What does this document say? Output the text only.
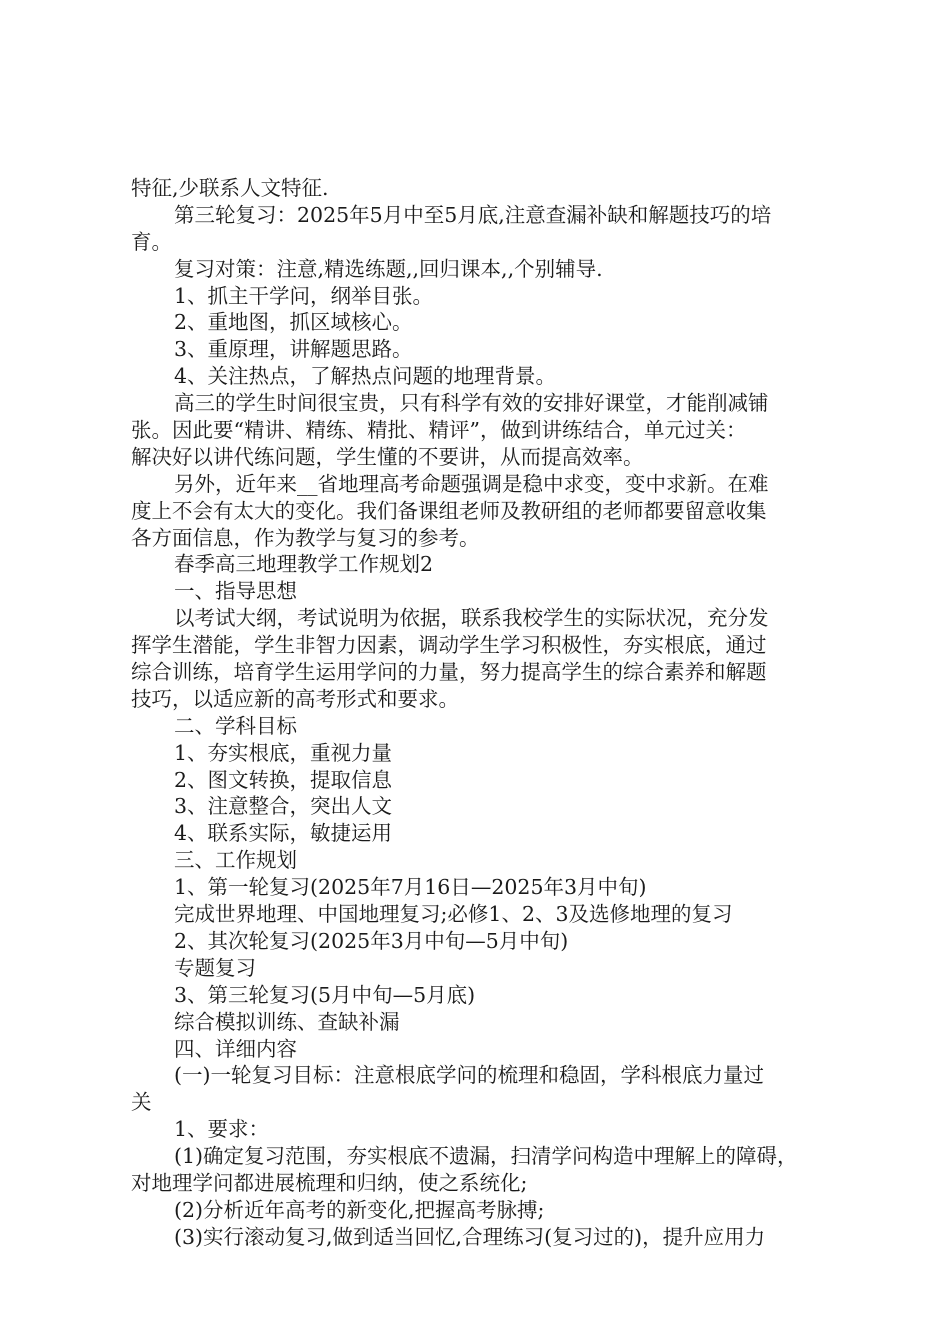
特征,少联系人文特征.
第三轮复习：2025年5月中至5月底,注意查漏补缺和解题技巧的培
育。
复习对策：注意,精选练题,,回归课本,,个别辅导.
1、抓主干学问，纲举目张。
2、重地图，抓区域核心。
3、重原理，讲解题思路。
4、关注热点，了解热点问题的地理背景。
高三的学生时间很宝贵，只有科学有效的安排好课堂，才能削减铺
张。因此要“精讲、精练、精批、精评”，做到讲练结合，单元过关：
解决好以讲代练问题，学生懂的不要讲，从而提高效率。
另外，近年来__省地理高考命题强调是稳中求变，变中求新。在难
度上不会有太大的变化。我们备课组老师及教研组的老师都要留意收集
各方面信息，作为教学与复习的参考。
春季高三地理教学工作规划2
一、指导思想
以考试大纲，考试说明为依据，联系我校学生的实际状况，充分发
挥学生潜能，学生非智力因素，调动学生学习积极性，夯实根底，通过
综合训练，培育学生运用学问的力量，努力提高学生的综合素养和解题
技巧，以适应新的高考形式和要求。
二、学科目标
1、夯实根底，重视力量
2、图文转换，提取信息
3、注意整合，突出人文
4、联系实际，敏捷运用
三、工作规划
1、第一轮复习(2025年7月16日—2025年3月中旬)
完成世界地理、中国地理复习;必修1、2、3及选修地理的复习
2、其次轮复习(2025年3月中旬—5月中旬)
专题复习
3、第三轮复习(5月中旬—5月底)
综合模拟训练、查缺补漏
四、详细内容
(一)一轮复习目标：注意根底学问的梳理和稳固，学科根底力量过
关
1、要求：
(1)确定复习范围，夯实根底不遗漏，扫清学问构造中理解上的障碍，
对地理学问都进展梳理和归纳，使之系统化;
(2)分析近年高考的新变化,把握高考脉搏;
(3)实行滚动复习,做到适当回忆,合理练习(复习过的)，提升应用力
